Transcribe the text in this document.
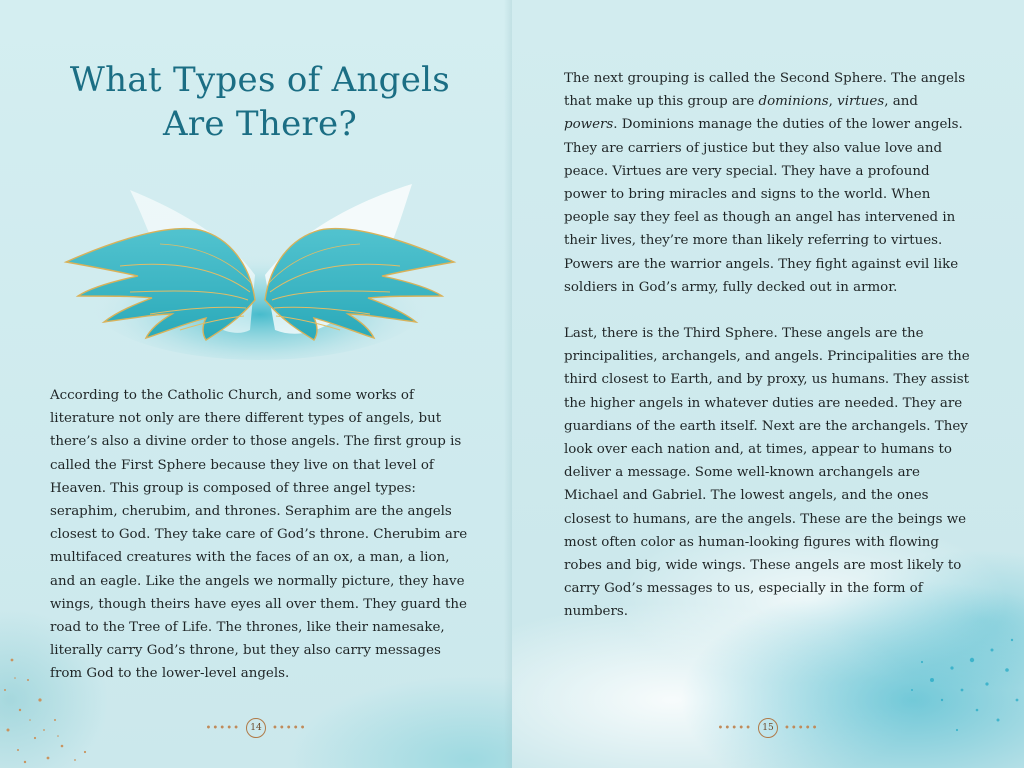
What Types of Angels
Are There?

According to the Catholic Church, and some works of literature not only are there different types of angels, but there’s also a divine order to those angels. The first group is called the First Sphere because they live on that level of Heaven. This group is composed of three angel types: seraphim, cherubim, and thrones. Seraphim are the angels closest to God. They take care of God’s throne. Cherubim are multifaced creatures with the faces of an ox, a man, a lion, and an eagle. Like the angels we normally picture, they have wings, though theirs have eyes all over them. They guard the road to the Tree of Life. The thrones, like their namesake, literally carry God’s throne, but they also carry messages from God to the lower-level angels.

•••••	14	•••••

The next grouping is called the Second Sphere. The angels that make up this group are dominions, virtues, and powers. Dominions manage the duties of the lower angels. They are carriers of justice but they also value love and peace. Virtues are very special. They have a profound power to bring miracles and signs to the world. When people say they feel as though an angel has intervened in their lives, they’re more than likely referring to virtues. Powers are the warrior angels. They fight against evil like soldiers in God’s army, fully decked out in armor.

Last, there is the Third Sphere. These angels are the principalities, archangels, and angels. Principalities are the third closest to Earth, and by proxy, us humans. They assist the higher angels in whatever duties are needed. They are guardians of the earth itself. Next are the archangels. They look over each nation and, at times, appear to humans to deliver a message. Some well-known archangels are Michael and Gabriel. The lowest angels, and the ones closest to humans, are the angels. These are the beings we most often color as human-looking figures with flowing robes and big, wide wings. These angels are most likely to carry God’s messages to us, especially in the form of numbers.

•••••	15	•••••
